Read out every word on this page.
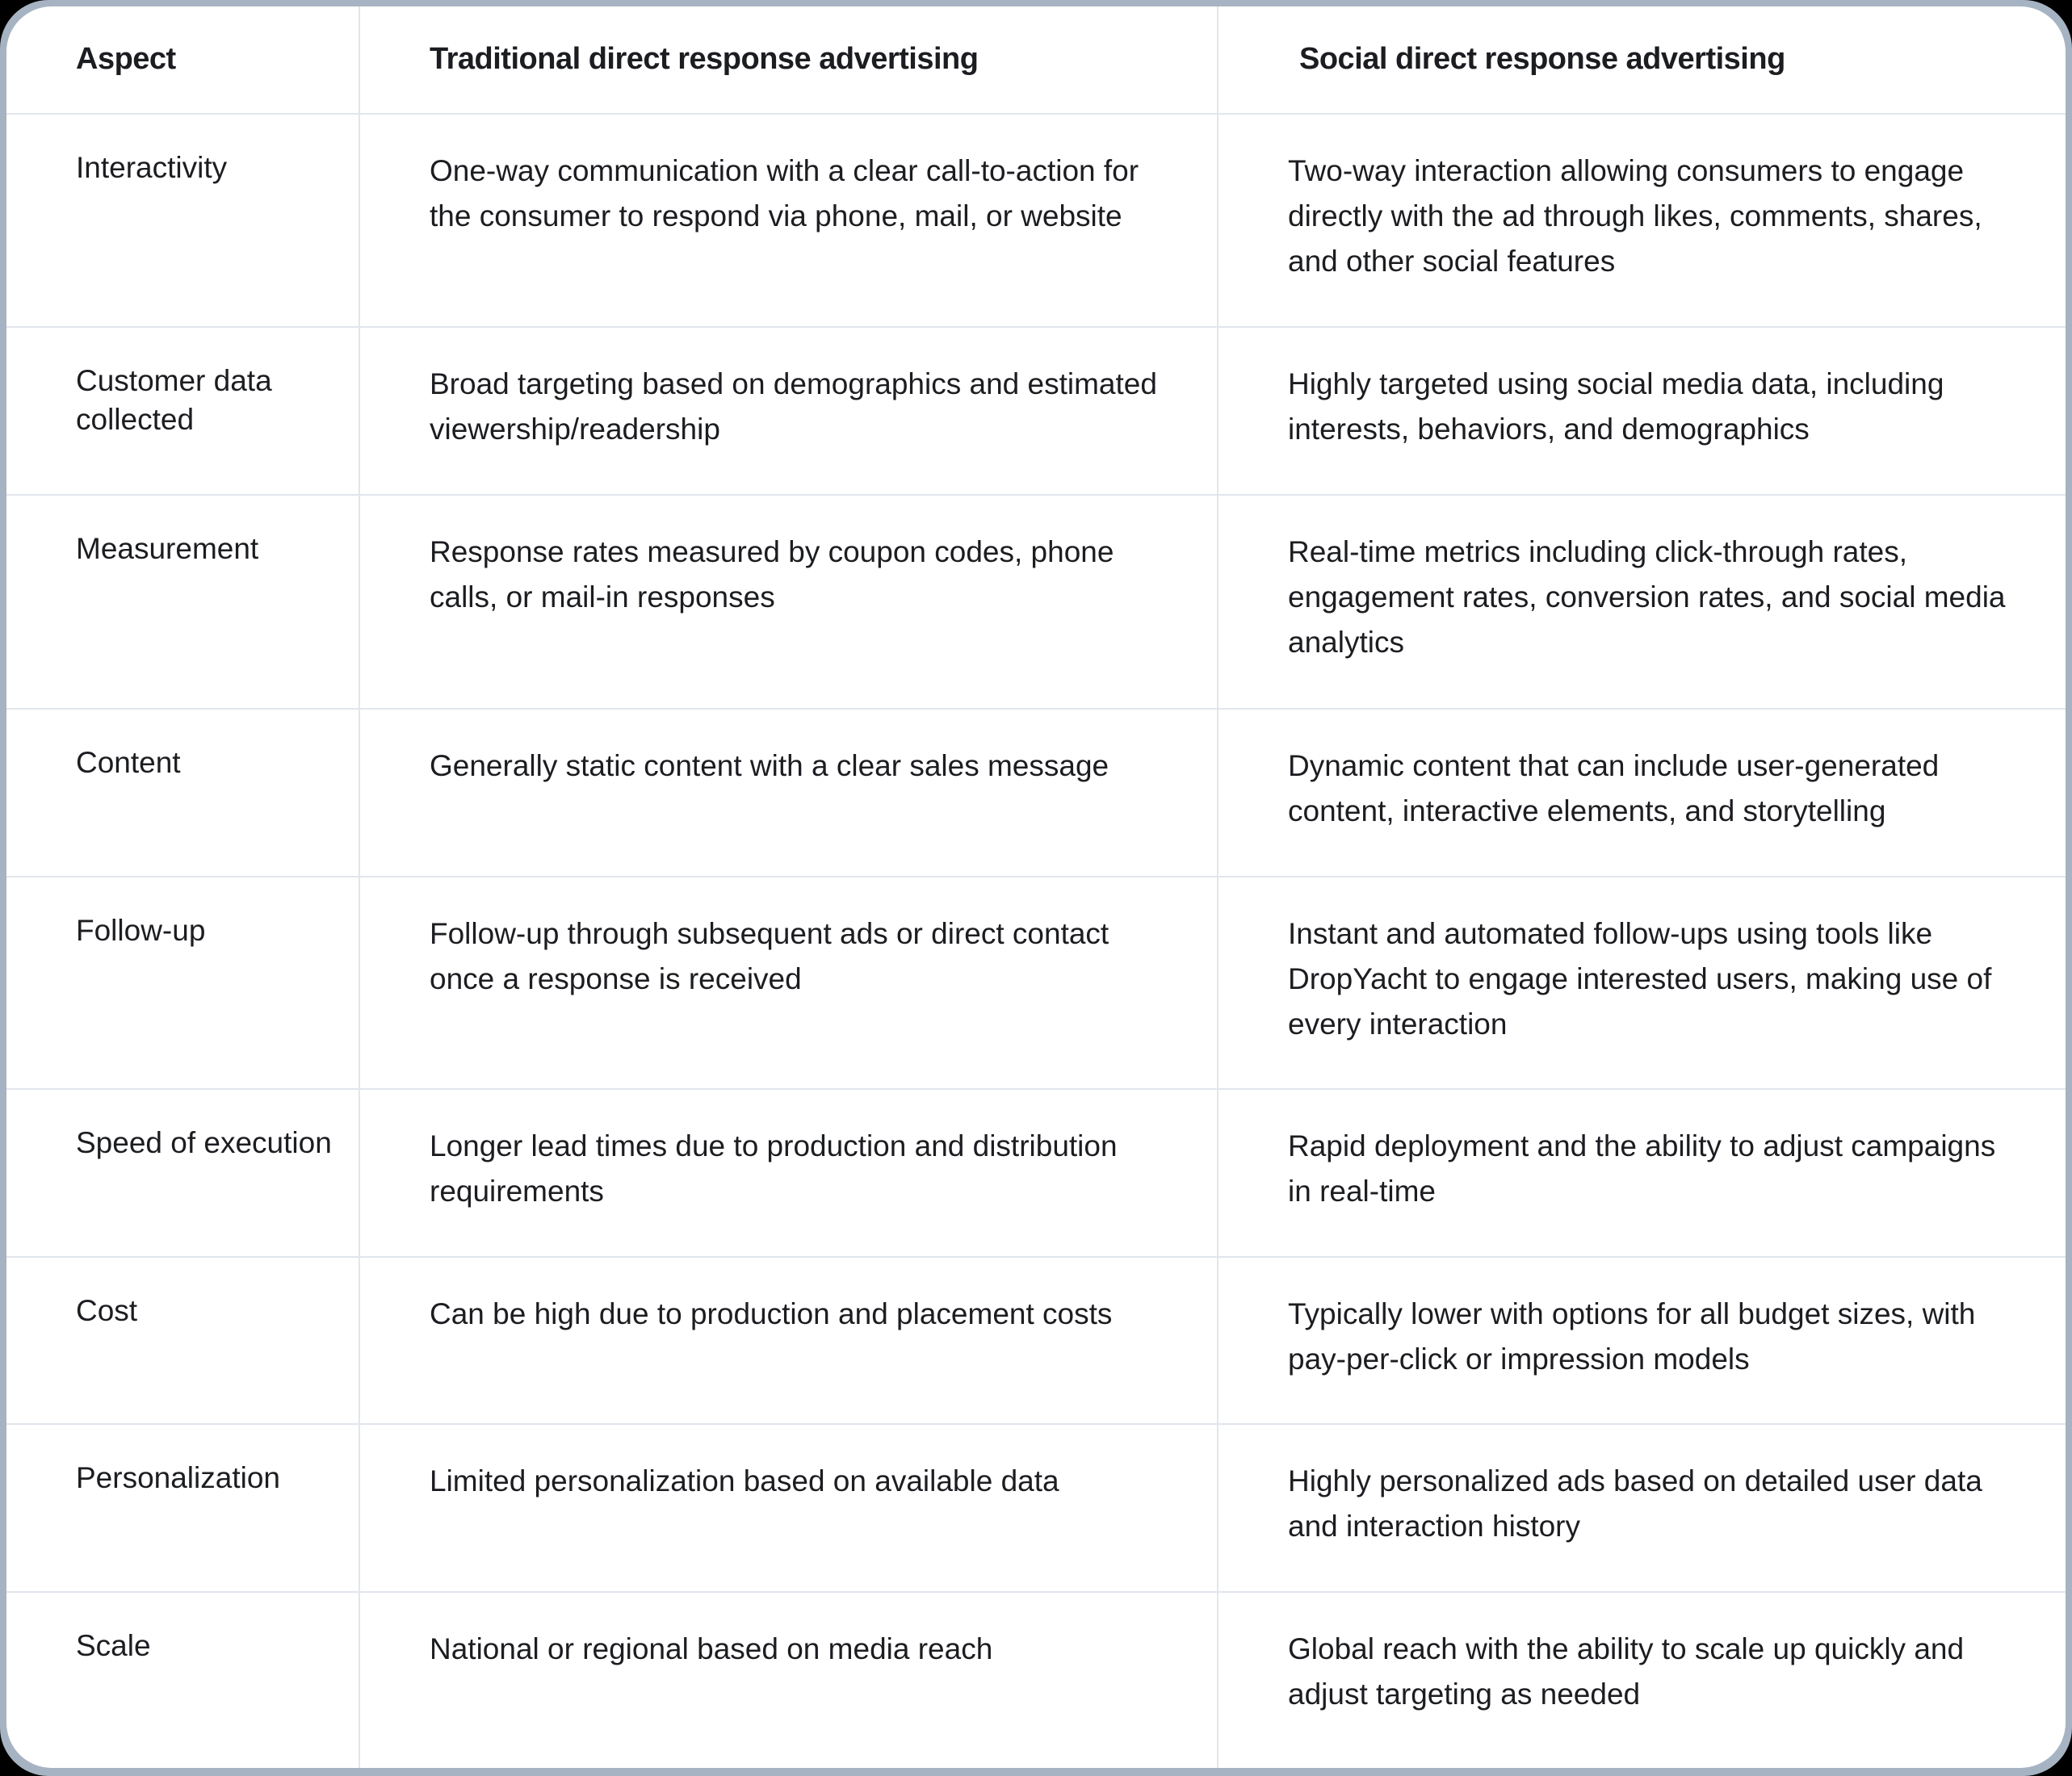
Aspect	Traditional direct response advertising	Social direct response advertising
Interactivity	One-way communication with a clear call-to-action for the consumer to respond via phone, mail, or website	Two-way interaction allowing consumers to engage directly with the ad through likes, comments, shares, and other social features
Customer data collected	Broad targeting based on demographics and estimated viewership/readership	Highly targeted using social media data, including interests, behaviors, and demographics
Measurement	Response rates measured by coupon codes, phone calls, or mail-in responses	Real-time metrics including click-through rates, engagement rates, conversion rates, and social media analytics
Content	Generally static content with a clear sales message	Dynamic content that can include user-generated content, interactive elements, and storytelling
Follow-up	Follow-up through subsequent ads or direct contact once a response is received	Instant and automated follow-ups using tools like DropYacht to engage interested users, making use of every interaction
Speed of execution	Longer lead times due to production and distribution requirements	Rapid deployment and the ability to adjust campaigns in real-time
Cost	Can be high due to production and placement costs	Typically lower with options for all budget sizes, with pay-per-click or impression models
Personalization	Limited personalization based on available data	Highly personalized ads based on detailed user data and interaction history
Scale	National or regional based on media reach	Global reach with the ability to scale up quickly and adjust targeting as needed
